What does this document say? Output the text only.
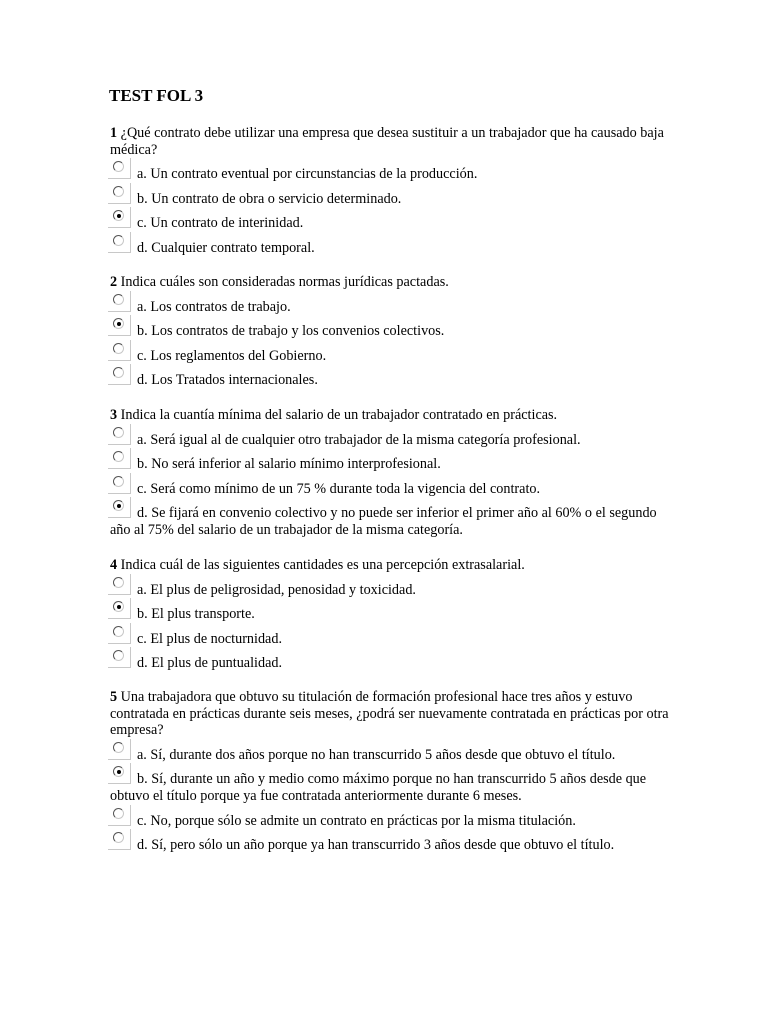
TEST FOL 3

1 ¿Qué contrato debe utilizar una empresa que desea sustituir a un trabajador que ha causado baja médica?

a. Un contrato eventual por circunstancias de la producción.
b. Un contrato de obra o servicio determinado.
c. Un contrato de interinidad.
d. Cualquier contrato temporal.

2 Indica cuáles son consideradas normas jurídicas pactadas.

a. Los contratos de trabajo.
b. Los contratos de trabajo y los convenios colectivos.
c. Los reglamentos del Gobierno.
d. Los Tratados internacionales.

3 Indica la cuantía mínima del salario de un trabajador contratado en prácticas.

a. Será igual al de cualquier otro trabajador de la misma categoría profesional.
b. No será inferior al salario mínimo interprofesional.
c. Será como mínimo de un 75 % durante toda la vigencia del contrato.
d. Se fijará en convenio colectivo y no puede ser inferior el primer año al 60% o el segundo año al 75% del salario de un trabajador de la misma categoría.

4 Indica cuál de las siguientes cantidades es una percepción extrasalarial.

a. El plus de peligrosidad, penosidad y toxicidad.
b. El plus transporte.
c. El plus de nocturnidad.
d. El plus de puntualidad.

5 Una trabajadora que obtuvo su titulación de formación profesional hace tres años y estuvo contratada en prácticas durante seis meses, ¿podrá ser nuevamente contratada en prácticas por otra empresa?

a. Sí, durante dos años porque no han transcurrido 5 años desde que obtuvo el título.
b. Sí, durante un año y medio como máximo porque no han transcurrido 5 años desde que obtuvo el título porque ya fue contratada anteriormente durante 6 meses.
c. No, porque sólo se admite un contrato en prácticas por la misma titulación.
d. Sí, pero sólo un año porque ya han transcurrido 3 años desde que obtuvo el título.
